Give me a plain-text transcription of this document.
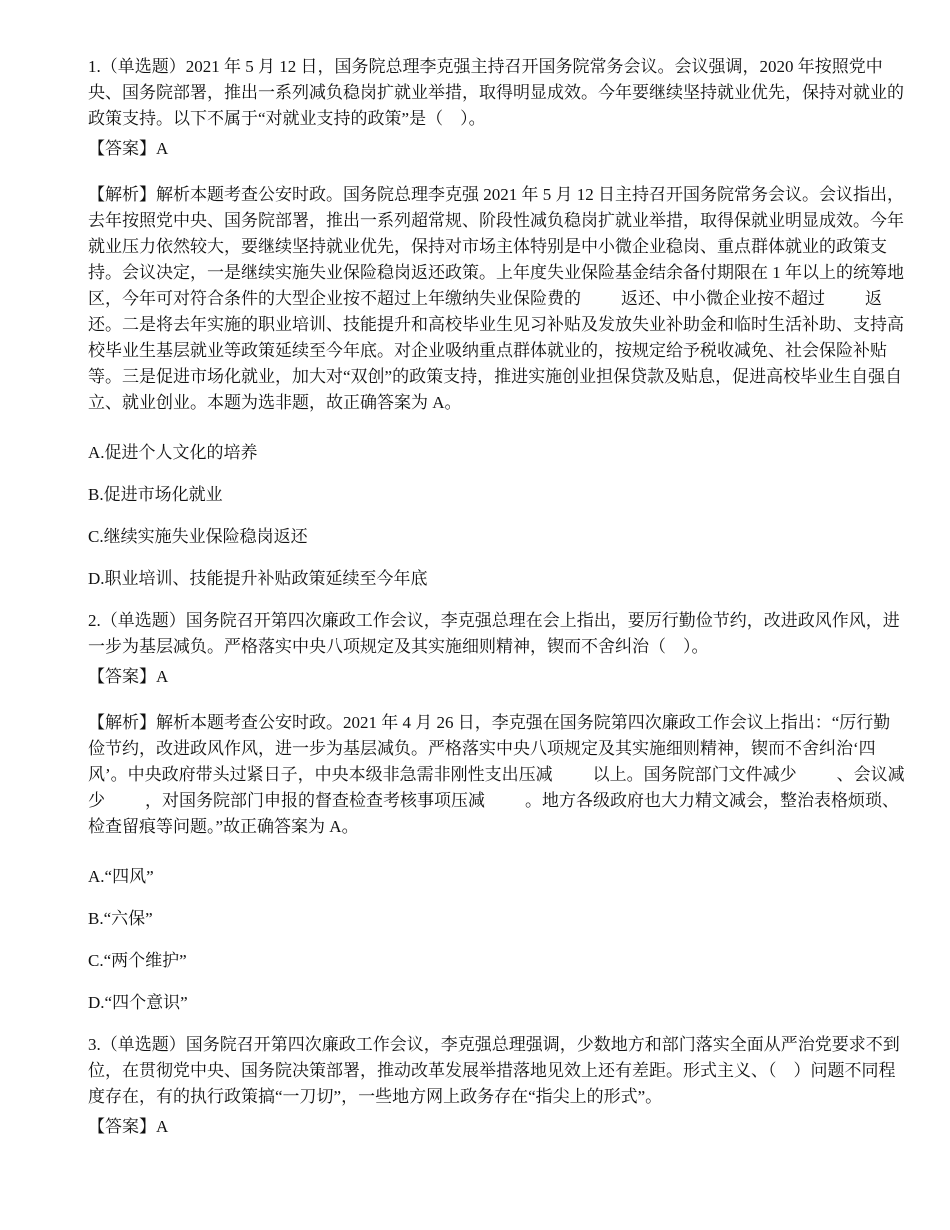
1.（单选题）2021 年 5 月 12 日，国务院总理李克强主持召开国务院常务会议。会议强调，2020 年按照党中央、国务院部署，推出一系列减负稳岗扩就业举措，取得明显成效。今年要继续坚持就业优先，保持对就业的政策支持。以下不属于“对就业支持的政策”是（　）。

【答案】A

【解析】解析本题考查公安时政。国务院总理李克强 2021 年 5 月 12 日主持召开国务院常务会议。会议指出，去年按照党中央、国务院部署，推出一系列超常规、阶段性减负稳岗扩就业举措，取得保就业明显成效。今年就业压力依然较大，要继续坚持就业优先，保持对市场主体特别是中小微企业稳岗、重点群体就业的政策支持。会议决定，一是继续实施失业保险稳岗返还政策。上年度失业保险基金结余备付期限在 1 年以上的统筹地区，今年可对符合条件的大型企业按不超过上年缴纳失业保险费的 返还、中小微企业按不超过 返还。二是将去年实施的职业培训、技能提升和高校毕业生见习补贴及发放失业补助金和临时生活补助、支持高校毕业生基层就业等政策延续至今年底。对企业吸纳重点群体就业的，按规定给予税收减免、社会保险补贴等。三是促进市场化就业，加大对“双创”的政策支持，推进实施创业担保贷款及贴息，促进高校毕业生自强自立、就业创业。本题为选非题，故正确答案为 A。

A.促进个人文化的培养

B.促进市场化就业

C.继续实施失业保险稳岗返还

D.职业培训、技能提升补贴政策延续至今年底

2.（单选题）国务院召开第四次廉政工作会议，李克强总理在会上指出，要厉行勤俭节约，改进政风作风，进一步为基层减负。严格落实中央八项规定及其实施细则精神，锲而不舍纠治（　）。

【答案】A

【解析】解析本题考查公安时政。2021 年 4 月 26 日，李克强在国务院第四次廉政工作会议上指出：“厉行勤俭节约，改进政风作风，进一步为基层减负。严格落实中央八项规定及其实施细则精神，锲而不舍纠治‘四风’。中央政府带头过紧日子，中央本级非急需非刚性支出压减 以上。国务院部门文件减少 、会议减少 ，对国务院部门申报的督查检查考核事项压减 。地方各级政府也大力精文减会，整治表格烦琐、检查留痕等问题。”故正确答案为 A。

A.“四风”

B.“六保”

C.“两个维护”

D.“四个意识”

3.（单选题）国务院召开第四次廉政工作会议，李克强总理强调，少数地方和部门落实全面从严治党要求不到位，在贯彻党中央、国务院决策部署，推动改革发展举措落地见效上还有差距。形式主义、（　）问题不同程度存在，有的执行政策搞“一刀切”，一些地方网上政务存在“指尖上的形式”。

【答案】A
